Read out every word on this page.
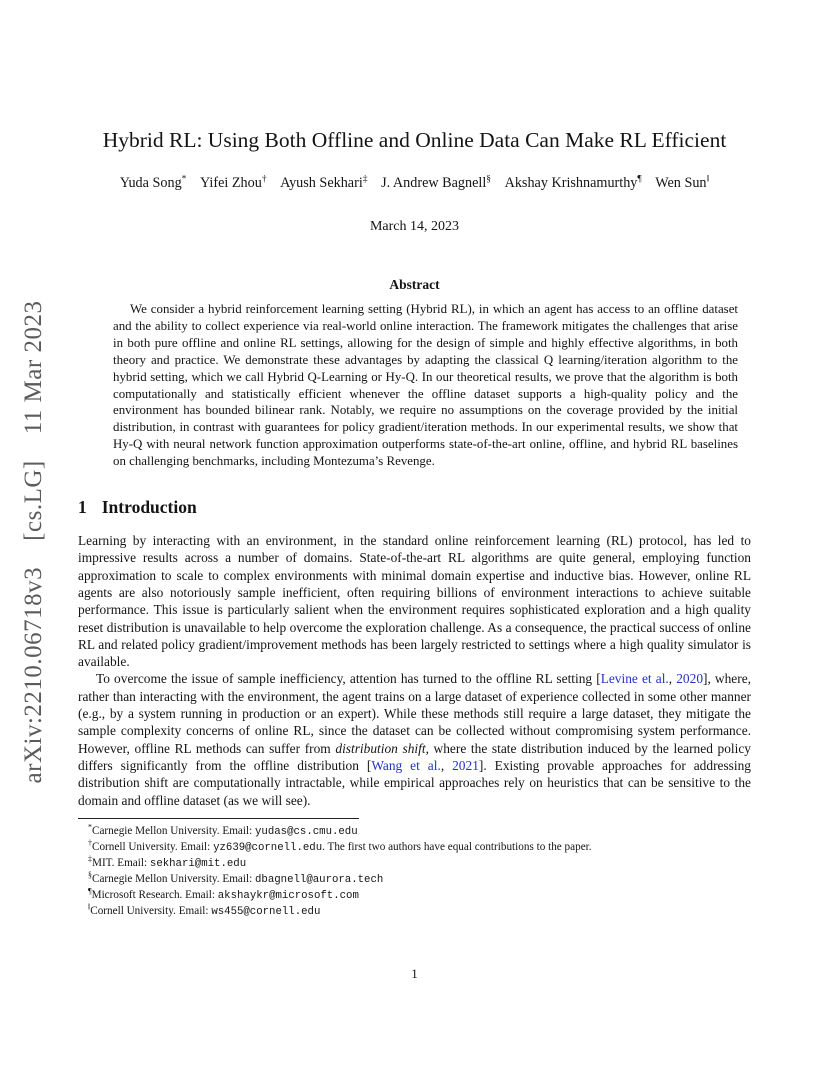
arXiv:2210.06718v3  [cs.LG]  11 Mar 2023
Hybrid RL: Using Both Offline and Online Data Can Make RL Efficient
Yuda Song* Yifei Zhou† Ayush Sekhari‡ J. Andrew Bagnell§ Akshay Krishnamurthy¶ Wen Sun‖
March 14, 2023
Abstract

We consider a hybrid reinforcement learning setting (Hybrid RL), in which an agent has access to an offline dataset and the ability to collect experience via real-world online interaction. The framework mitigates the challenges that arise in both pure offline and online RL settings, allowing for the design of simple and highly effective algorithms, in both theory and practice. We demonstrate these advantages by adapting the classical Q learning/iteration algorithm to the hybrid setting, which we call Hybrid Q-Learning or Hy-Q. In our theoretical results, we prove that the algorithm is both computationally and statistically efficient whenever the offline dataset supports a high-quality policy and the environment has bounded bilinear rank. Notably, we require no assumptions on the coverage provided by the initial distribution, in contrast with guarantees for policy gradient/iteration methods. In our experimental results, we show that Hy-Q with neural network function approximation outperforms state-of-the-art online, offline, and hybrid RL baselines on challenging benchmarks, including Montezuma’s Revenge.

1 Introduction

Learning by interacting with an environment, in the standard online reinforcement learning (RL) protocol, has led to impressive results across a number of domains. State-of-the-art RL algorithms are quite general, employing function approximation to scale to complex environments with minimal domain expertise and inductive bias. However, online RL agents are also notoriously sample inefficient, often requiring billions of environment interactions to achieve suitable performance. This issue is particularly salient when the environment requires sophisticated exploration and a high quality reset distribution is unavailable to help overcome the exploration challenge. As a consequence, the practical success of online RL and related policy gradient/improvement methods has been largely restricted to settings where a high quality simulator is available.

To overcome the issue of sample inefficiency, attention has turned to the offline RL setting [Levine et al., 2020], where, rather than interacting with the environment, the agent trains on a large dataset of experience collected in some other manner (e.g., by a system running in production or an expert). While these methods still require a large dataset, they mitigate the sample complexity concerns of online RL, since the dataset can be collected without compromising system performance. However, offline RL methods can suffer from distribution shift, where the state distribution induced by the learned policy differs significantly from the offline distribution [Wang et al., 2021]. Existing provable approaches for addressing distribution shift are computationally intractable, while empirical approaches rely on heuristics that can be sensitive to the domain and offline dataset (as we will see).

*Carnegie Mellon University. Email: yudas@cs.cmu.edu
†Cornell University. Email: yz639@cornell.edu. The first two authors have equal contributions to the paper.
‡MIT. Email: sekhari@mit.edu
§Carnegie Mellon University. Email: dbagnell@aurora.tech
¶Microsoft Research. Email: akshaykr@microsoft.com
‖Cornell University. Email: ws455@cornell.edu
1
